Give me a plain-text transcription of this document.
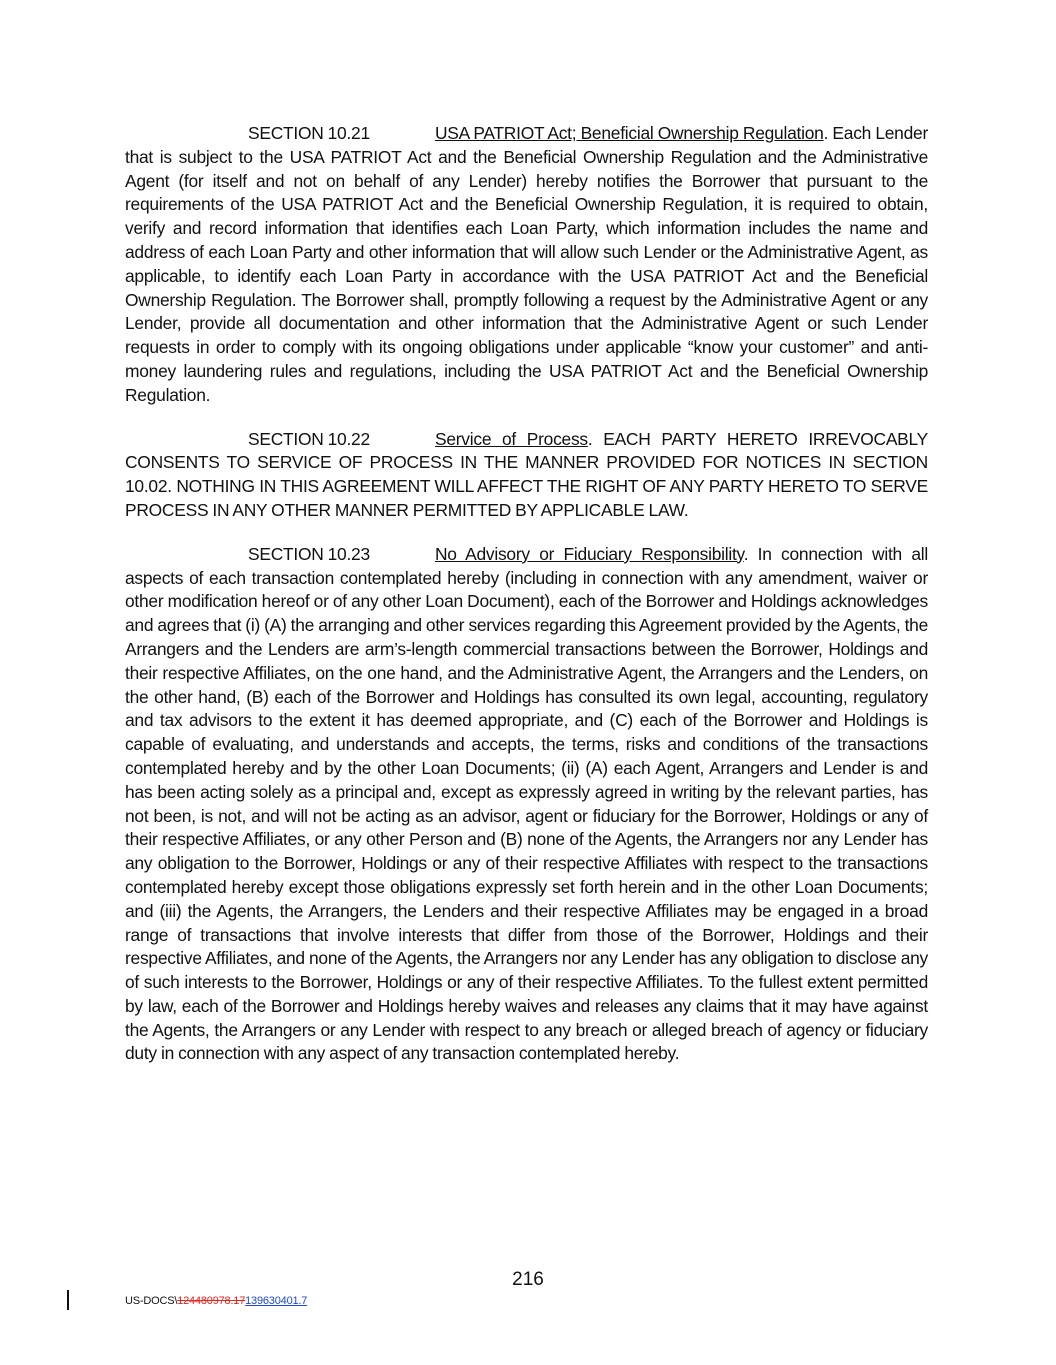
SECTION 10.21	USA PATRIOT Act; Beneficial Ownership Regulation. Each Lender that is subject to the USA PATRIOT Act and the Beneficial Ownership Regulation and the Administrative Agent (for itself and not on behalf of any Lender) hereby notifies the Borrower that pursuant to the requirements of the USA PATRIOT Act and the Beneficial Ownership Regulation, it is required to obtain, verify and record information that identifies each Loan Party, which information includes the name and address of each Loan Party and other information that will allow such Lender or the Administrative Agent, as applicable, to identify each Loan Party in accordance with the USA PATRIOT Act and the Beneficial Ownership Regulation. The Borrower shall, promptly following a request by the Administrative Agent or any Lender, provide all documentation and other information that the Administrative Agent or such Lender requests in order to comply with its ongoing obligations under applicable “know your customer” and anti-money laundering rules and regulations, including the USA PATRIOT Act and the Beneficial Ownership Regulation.

SECTION 10.22	Service of Process. EACH PARTY HERETO IRREVOCABLY CONSENTS TO SERVICE OF PROCESS IN THE MANNER PROVIDED FOR NOTICES IN SECTION 10.02. NOTHING IN THIS AGREEMENT WILL AFFECT THE RIGHT OF ANY PARTY HERETO TO SERVE PROCESS IN ANY OTHER MANNER PERMITTED BY APPLICABLE LAW.

SECTION 10.23	No Advisory or Fiduciary Responsibility. In connection with all aspects of each transaction contemplated hereby (including in connection with any amendment, waiver or other modification hereof or of any other Loan Document), each of the Borrower and Holdings acknowledges and agrees that (i) (A) the arranging and other services regarding this Agreement provided by the Agents, the Arrangers and the Lenders are arm’s-length commercial transactions between the Borrower, Holdings and their respective Affiliates, on the one hand, and the Administrative Agent, the Arrangers and the Lenders, on the other hand, (B) each of the Borrower and Holdings has consulted its own legal, accounting, regulatory and tax advisors to the extent it has deemed appropriate, and (C) each of the Borrower and Holdings is capable of evaluating, and understands and accepts, the terms, risks and conditions of the transactions contemplated hereby and by the other Loan Documents; (ii) (A) each Agent, Arrangers and Lender is and has been acting solely as a principal and, except as expressly agreed in writing by the relevant parties, has not been, is not, and will not be acting as an advisor, agent or fiduciary for the Borrower, Holdings or any of their respective Affiliates, or any other Person and (B) none of the Agents, the Arrangers nor any Lender has any obligation to the Borrower, Holdings or any of their respective Affiliates with respect to the transactions contemplated hereby except those obligations expressly set forth herein and in the other Loan Documents; and (iii) the Agents, the Arrangers, the Lenders and their respective Affiliates may be engaged in a broad range of transactions that involve interests that differ from those of the Borrower, Holdings and their respective Affiliates, and none of the Agents, the Arrangers nor any Lender has any obligation to disclose any of such interests to the Borrower, Holdings or any of their respective Affiliates. To the fullest extent permitted by law, each of the Borrower and Holdings hereby waives and releases any claims that it may have against the Agents, the Arrangers or any Lender with respect to any breach or alleged breach of agency or fiduciary duty in connection with any aspect of any transaction contemplated hereby.

216
US-DOCS\124480978.17139630401.7
